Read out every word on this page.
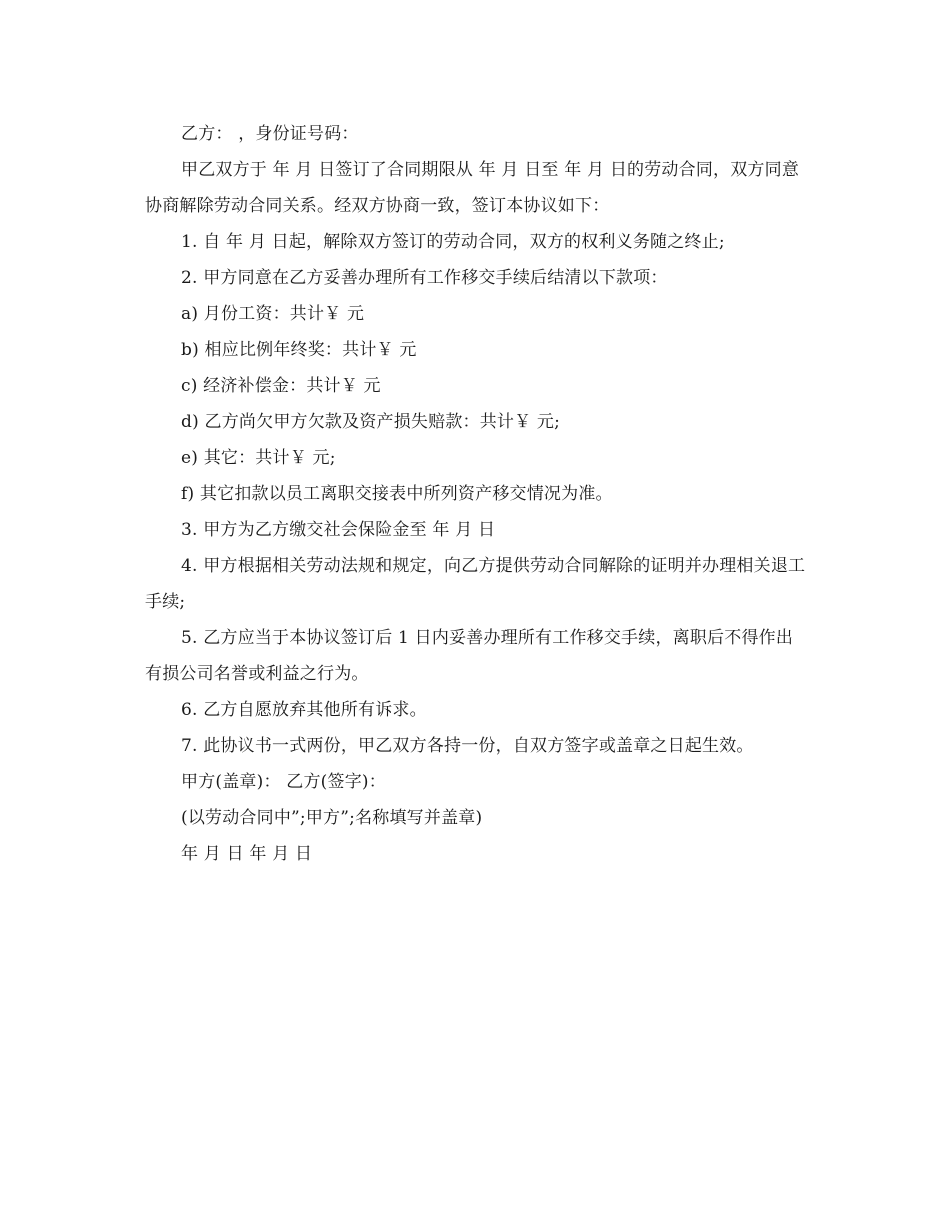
乙方： ，身份证号码：

甲乙双方于 年 月 日签订了合同期限从 年 月 日至 年 月 日的劳动合同，双方同意协商解除劳动合同关系。经双方协商一致，签订本协议如下：

1. 自 年 月 日起，解除双方签订的劳动合同，双方的权利义务随之终止;

2. 甲方同意在乙方妥善办理所有工作移交手续后结清以下款项：

a) 月份工资：共计￥ 元

b) 相应比例年终奖：共计￥ 元

c) 经济补偿金：共计￥ 元

d) 乙方尚欠甲方欠款及资产损失赔款：共计￥ 元;

e) 其它：共计￥ 元;

f) 其它扣款以员工离职交接表中所列资产移交情况为准。

3. 甲方为乙方缴交社会保险金至 年 月 日

4. 甲方根据相关劳动法规和规定，向乙方提供劳动合同解除的证明并办理相关退工手续;

5. 乙方应当于本协议签订后 1 日内妥善办理所有工作移交手续，离职后不得作出有损公司名誉或利益之行为。

6. 乙方自愿放弃其他所有诉求。

7. 此协议书一式两份，甲乙双方各持一份，自双方签字或盖章之日起生效。

甲方(盖章)： 乙方(签字)：

(以劳动合同中”;甲方”;名称填写并盖章)

年 月 日 年 月 日
